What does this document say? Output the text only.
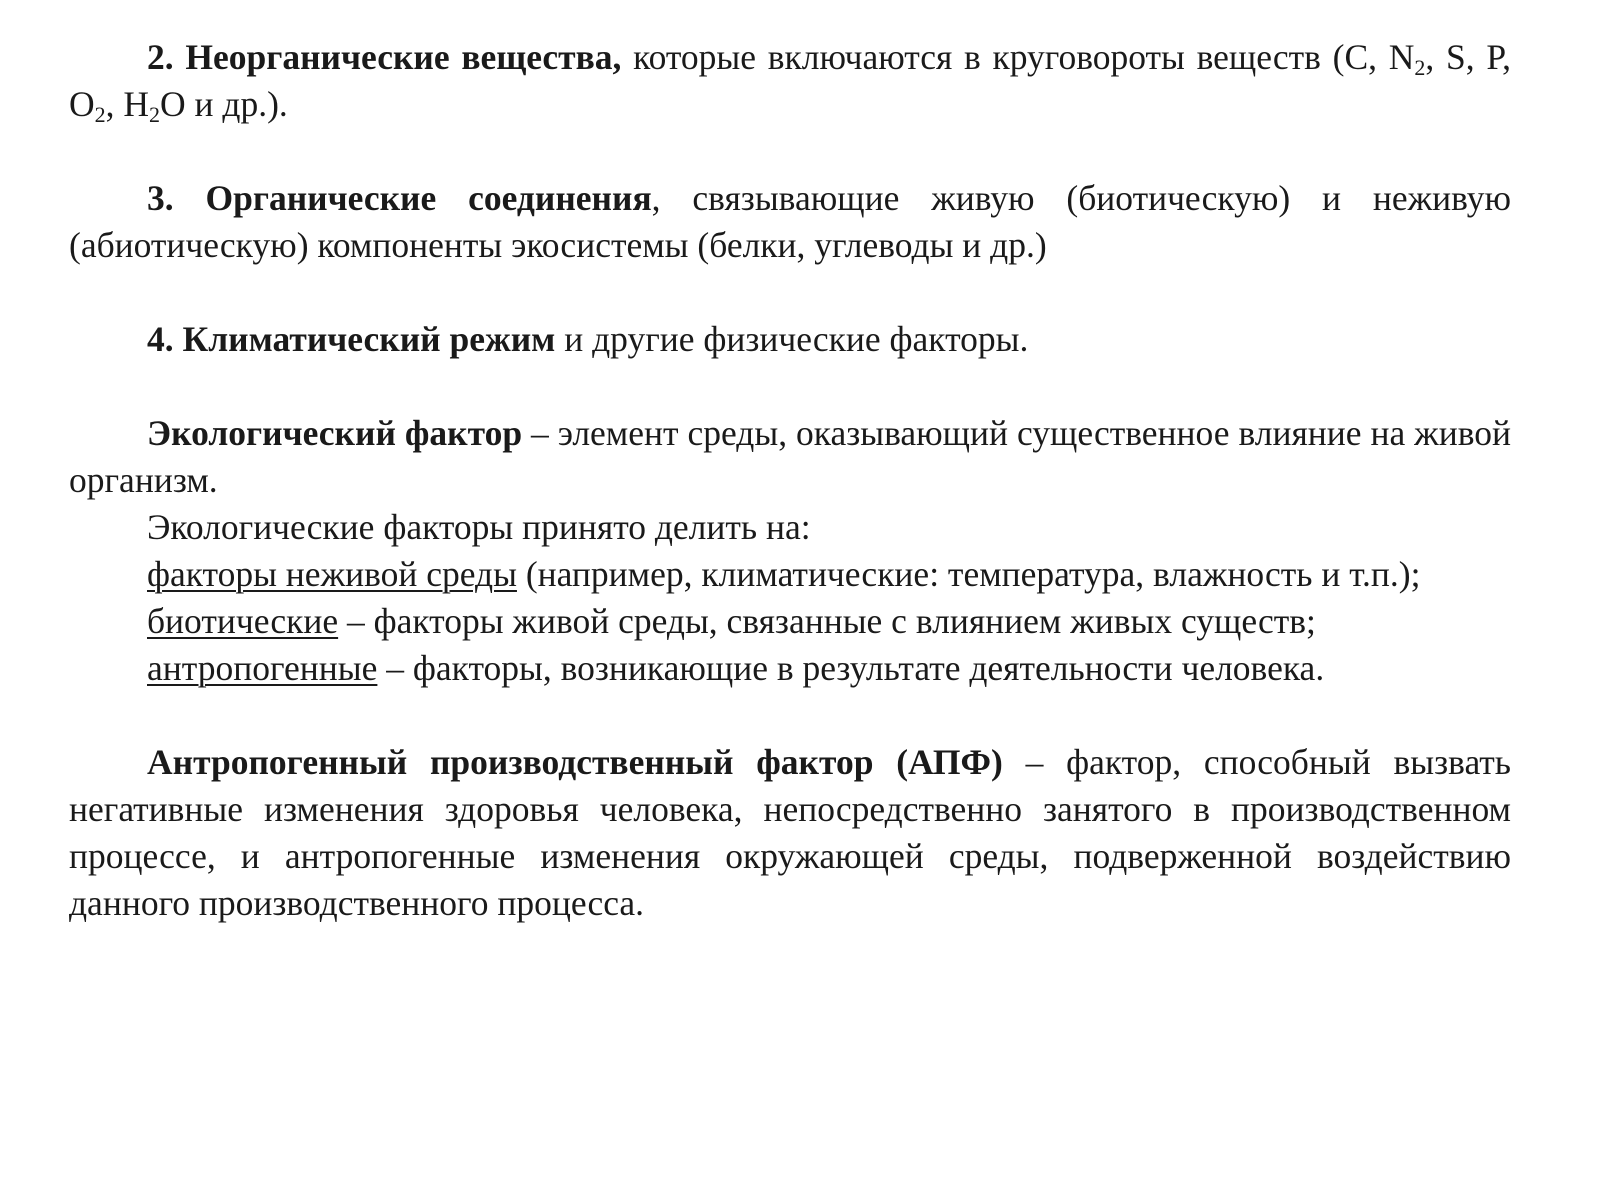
2. Неорганические вещества, которые включаются в круговороты веществ (С, $N_2$, S, P, $O_2$, $H_2O$ и др.).

3. Органические соединения, связывающие живую (биотическую) и неживую (абиотическую) компоненты экосистемы (белки, углеводы и др.)

4. Климатический режим и другие физические факторы.

Экологический фактор – элемент среды, оказывающий существенное влияние на живой организм.

Экологические факторы принято делить на:

факторы неживой среды (например, климатические: температура, влажность и т.п.);

биотические – факторы живой среды, связанные с влиянием живых существ;

антропогенные – факторы, возникающие в результате деятельности человека.

Антропогенный производственный фактор (АПФ) – фактор, способный вызвать негативные изменения здоровья человека, непосредственно занятого в производственном процессе, и антропогенные изменения окружающей среды, подверженной воздействию данного производственного процесса.
